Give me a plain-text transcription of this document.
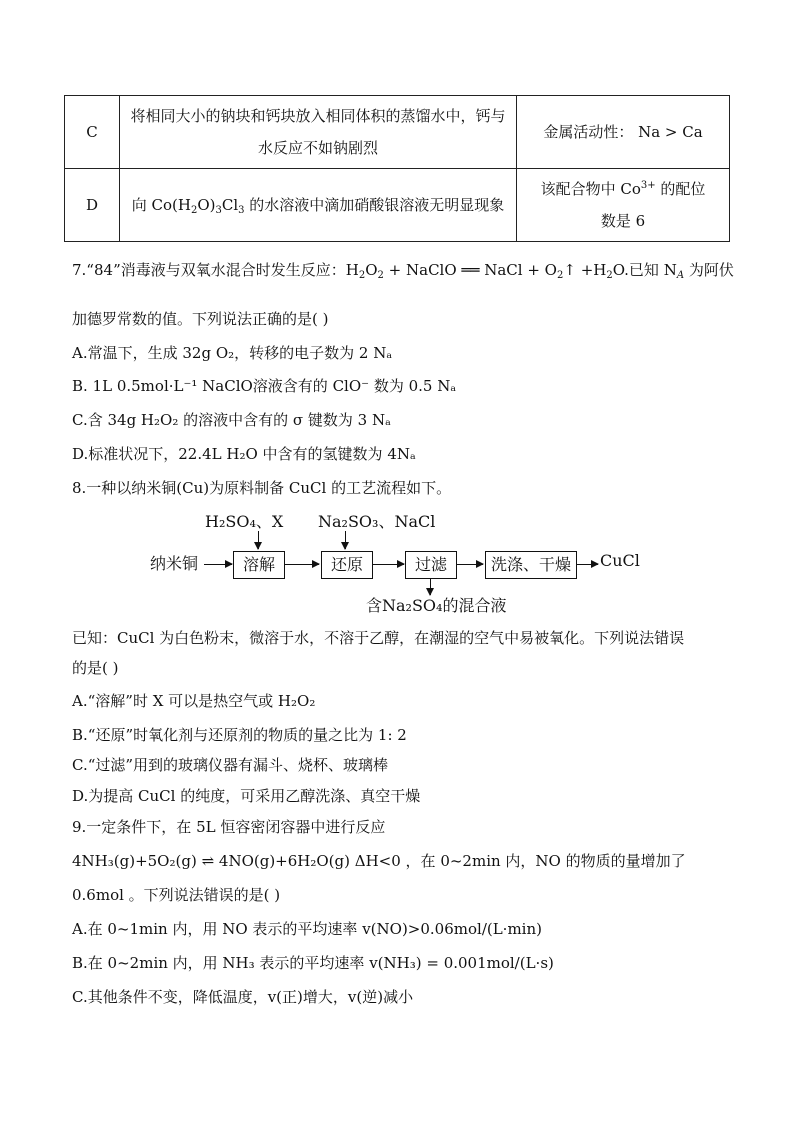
C	将相同大小的钠块和钙块放入相同体积的蒸馏水中，钙与
水反应不如钠剧烈	金属活动性： Na > Ca
D	向 $Co(H_2O)_3Cl_3$ 的水溶液中滴加硝酸银溶液无明显现象	该配合物中 $Co^{3+}$ 的配位
数是 6
7.“84”消毒液与双氧水混合时发生反应：$H_2O_2$ + NaClO ══ NaCl + $O_2↑ +H_2O$.已知 $N_A$ 为阿伏
加德罗常数的值。下列说法正确的是( )
A.常温下，生成 32g O₂，转移的电子数为 2 Nₐ
B. 1L 0.5mol·L⁻¹ NaClO溶液含有的 ClO⁻ 数为 0.5 Nₐ
C.含 34g H₂O₂ 的溶液中含有的 σ 键数为 3 Nₐ
D.标准状况下，22.4L H₂O 中含有的氢键数为 4Nₐ
8.一种以纳米铜(Cu)为原料制备 CuCl 的工艺流程如下。
H₂SO₄、X Na₂SO₃、NaCl
纳米铜	溶解	还原	过滤	洗涤、干燥	CuCl
含Na₂SO₄的混合液
已知：CuCl 为白色粉末，微溶于水，不溶于乙醇，在潮湿的空气中易被氧化。下列说法错误
的是( )
A.“溶解”时 X 可以是热空气或 H₂O₂
B.“还原”时氧化剂与还原剂的物质的量之比为 1: 2
C.“过滤”用到的玻璃仪器有漏斗、烧杯、玻璃棒
D.为提高 CuCl 的纯度，可采用乙醇洗涤、真空干燥
9.一定条件下，在 5L 恒容密闭容器中进行反应
4NH₃(g)+5O₂(g) ⇌ 4NO(g)+6H₂O(g) ΔH<0 ，在 0~2min 内，NO 的物质的量增加了
0.6mol 。下列说法错误的是( )
A.在 0~1min 内，用 NO 表示的平均速率 v(NO)>0.06mol/(L·min)
B.在 0~2min 内，用 NH₃ 表示的平均速率 v(NH₃) = 0.001mol/(L·s)
C.其他条件不变，降低温度，v(正)增大，v(逆)减小
